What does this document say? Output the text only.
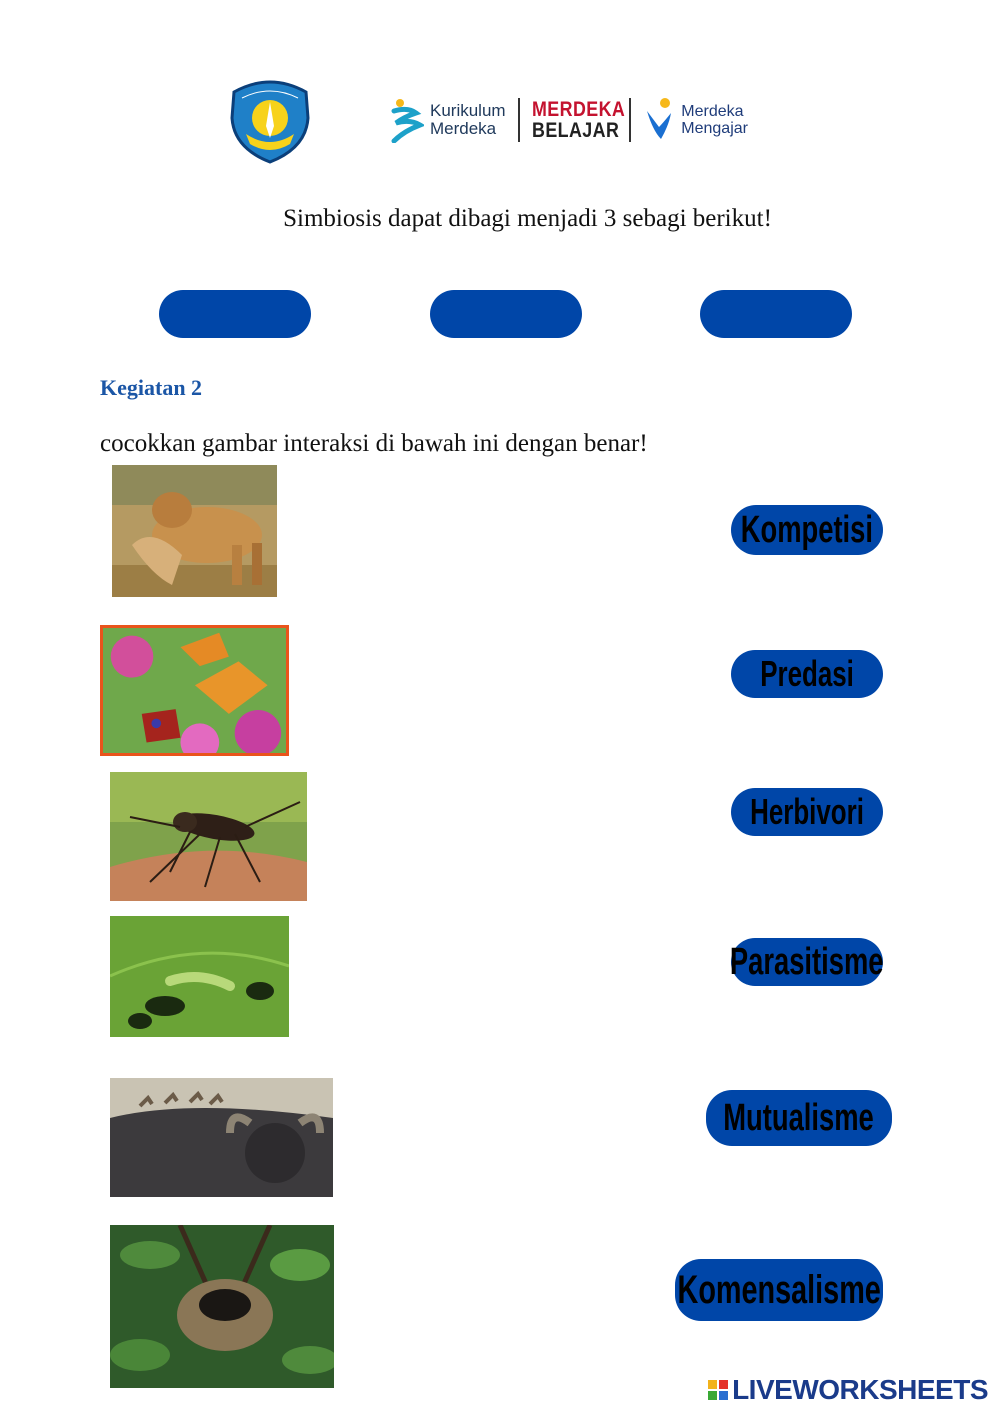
Kurikulum
Merdeka
MERDEKA
BELAJAR
Merdeka
Mengajar
Simbiosis dapat dibagi menjadi 3 sebagi berikut!
Kegiatan 2
cocokkan gambar interaksi di bawah ini dengan benar!
Kompetisi
Predasi
Herbivori
Parasitisme
Mutualisme
Komensalisme
LIVEWORKSHEETS
